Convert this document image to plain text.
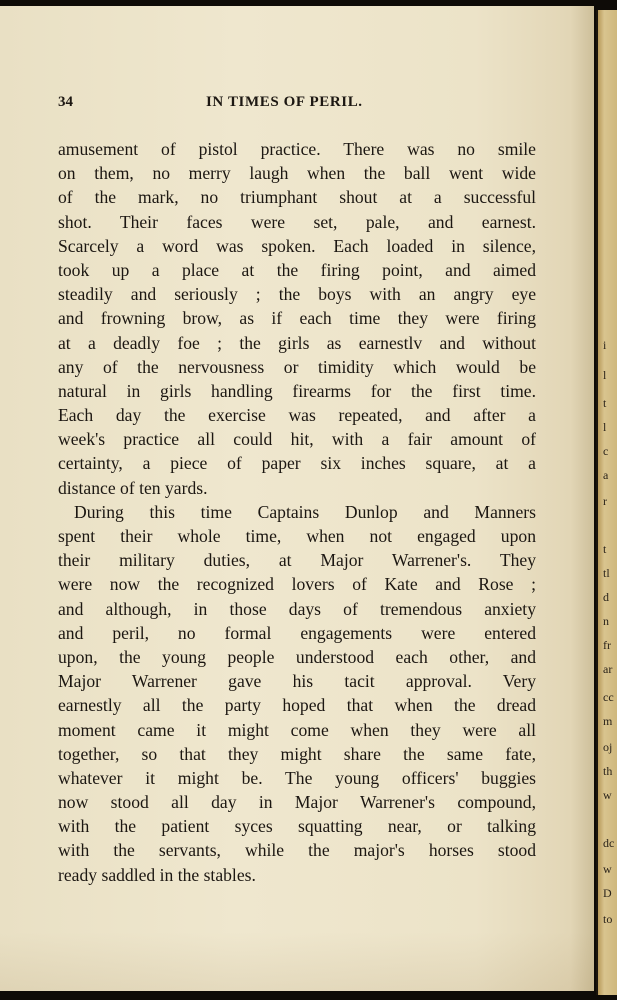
i
l
t
l
c
a
r
t
tl
d
n
fr
ar
cc
m
oj
th
w
dc
w
D
to
34	IN TIMES OF PERIL.
amusement of pistol practice. There was no smile
on them, no merry laugh when the ball went wide
of the mark, no triumphant shout at a successful
shot. Their faces were set, pale, and earnest.
Scarcely a word was spoken. Each loaded in silence,
took up a place at the firing point, and aimed
steadily and seriously ; the boys with an angry eye
and frowning brow, as if each time they were firing
at a deadly foe ; the girls as earnestlv and without
any of the nervousness or timidity which would be
natural in girls handling firearms for the first time.
Each day the exercise was repeated, and after a
week's practice all could hit, with a fair amount of
certainty, a piece of paper six inches square, at a
distance of ten yards.
During this time Captains Dunlop and Manners
spent their whole time, when not engaged upon
their military duties, at Major Warrener's. They
were now the recognized lovers of Kate and Rose ;
and although, in those days of tremendous anxiety
and peril, no formal engagements were entered
upon, the young people understood each other, and
Major Warrener gave his tacit approval. Very
earnestly all the party hoped that when the dread
moment came it might come when they were all
together, so that they might share the same fate,
whatever it might be. The young officers' buggies
now stood all day in Major Warrener's compound,
with the patient syces squatting near, or talking
with the servants, while the major's horses stood
ready saddled in the stables.
